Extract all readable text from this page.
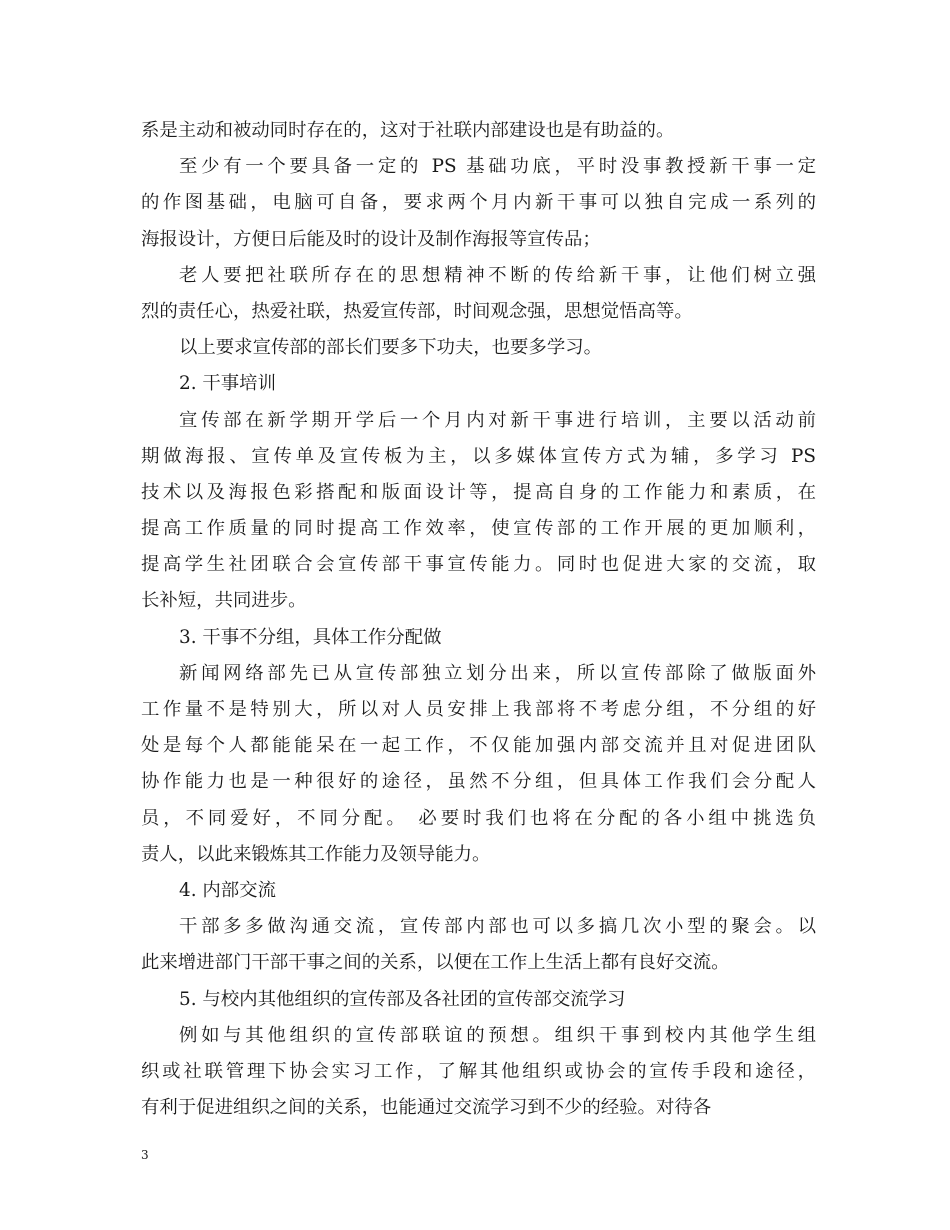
系是主动和被动同时存在的，这对于社联内部建设也是有助益的。
至少有一个要具备一定的 PS 基础功底，平时没事教授新干事一定
的作图基础，电脑可自备，要求两个月内新干事可以独自完成一系列的
海报设计，方便日后能及时的设计及制作海报等宣传品；
老人要把社联所存在的思想精神不断的传给新干事，让他们树立强
烈的责任心，热爱社联，热爱宣传部，时间观念强，思想觉悟高等。
以上要求宣传部的部长们要多下功夫，也要多学习。
2. 干事培训
宣传部在新学期开学后一个月内对新干事进行培训，主要以活动前
期做海报、宣传单及宣传板为主，以多媒体宣传方式为辅，多学习 PS
技术以及海报色彩搭配和版面设计等，提高自身的工作能力和素质，在
提高工作质量的同时提高工作效率，使宣传部的工作开展的更加顺利，
提高学生社团联合会宣传部干事宣传能力。同时也促进大家的交流，取
长补短，共同进步。
3. 干事不分组，具体工作分配做
新闻网络部先已从宣传部独立划分出来，所以宣传部除了做版面外
工作量不是特别大，所以对人员安排上我部将不考虑分组，不分组的好
处是每个人都能能呆在一起工作，不仅能加强内部交流并且对促进团队
协作能力也是一种很好的途径，虽然不分组，但具体工作我们会分配人
员，不同爱好，不同分配。 必要时我们也将在分配的各小组中挑选负
责人，以此来锻炼其工作能力及领导能力。
4. 内部交流
干部多多做沟通交流，宣传部内部也可以多搞几次小型的聚会。以
此来增进部门干部干事之间的关系，以便在工作上生活上都有良好交流。
5. 与校内其他组织的宣传部及各社团的宣传部交流学习
例如与其他组织的宣传部联谊的预想。组织干事到校内其他学生组
织或社联管理下协会实习工作，了解其他组织或协会的宣传手段和途径，
有利于促进组织之间的关系，也能通过交流学习到不少的经验。对待各
3
